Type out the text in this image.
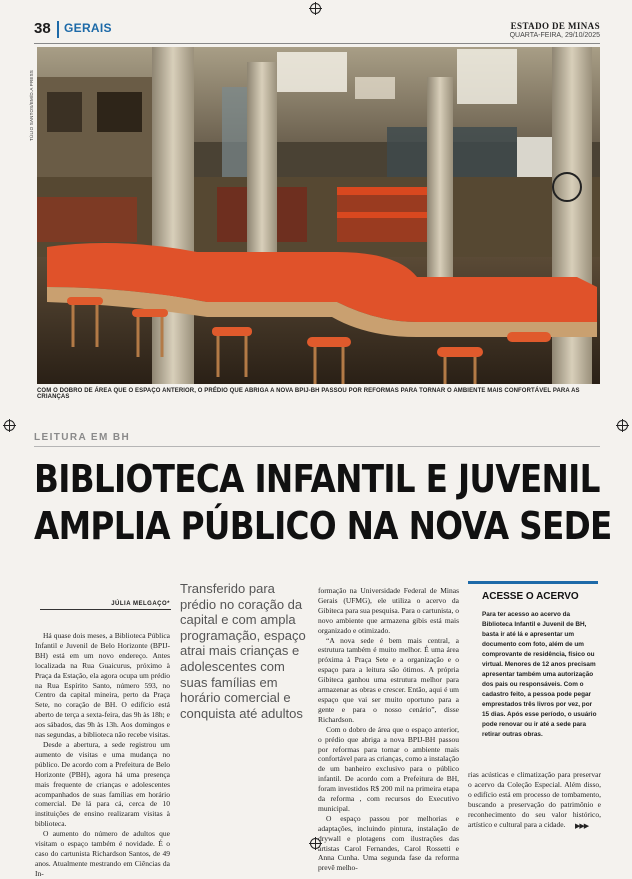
38 GERAIS	ESTADO DE MINAS
QUARTA-FEIRA, 29/10/2025
TÚLIO SANTOS/EM/D.A PRESS
COM O DOBRO DE ÁREA QUE O ESPAÇO ANTERIOR, O PRÉDIO QUE ABRIGA A NOVA BPIJ-BH PASSOU POR REFORMAS PARA TORNAR O AMBIENTE MAIS CONFORTÁVEL PARA AS CRIANÇAS
LEITURA EM BH
BIBLIOTECA INFANTIL E JUVENIL
AMPLIA PÚBLICO NA NOVA SEDE
JÚLIA MELGAÇO*

Há quase dois meses, a Biblioteca Pública Infantil e Juvenil de Belo Horizonte (BPIJ-BH) está em um novo endereço. Antes localizada na Rua Guaicurus, próximo à Praça da Estação, ela agora ocupa um prédio na Rua Espírito Santo, número 593, no Centro da capital mineira, perto da Praça Sete, no coração de BH. O edifício está aberto de terça a sexta-feira, das 9h às 18h; e aos sábados, das 9h às 13h. Aos domingos e nas segundas, a biblioteca não recebe visitas.

Desde a abertura, a sede registrou um aumento de visitas e uma mudança no público. De acordo com a Prefeitura de Belo Horizonte (PBH), agora há uma presença mais frequente de crianças e adolescentes acompanhados de suas famílias em horário comercial. De lá para cá, cerca de 10 instituições de ensino realizaram visitas à biblioteca.

O aumento do número de adultos que visitam o espaço também é novidade. É o caso do cartunista Richardson Santos, de 49 anos. Atualmente mestrando em Ciências da In-

Transferido para prédio no coração da capital e com ampla programação, espaço atrai mais crianças e adolescentes com suas famílias em horário comercial e conquista até adultos

formação na Universidade Federal de Minas Gerais (UFMG), ele utiliza o acervo da Gibiteca para sua pesquisa. Para o cartunista, o novo ambiente que armazena gibis está mais organizado e otimizado.

“A nova sede é bem mais central, a estrutura também é muito melhor. É uma área próxima à Praça Sete e a organização e o espaço para a leitura são ótimos. A própria Gibiteca ganhou uma estrutura melhor para armazenar as obras e crescer. Então, aqui é um espaço que vai ser muito oportuno para a gente e para o nosso cenário”, disse Richardson.

Com o dobro de área que o espaço anterior, o prédio que abriga a nova BPIJ-BH passou por reformas para tornar o ambiente mais confortável para as crianças, como a instalação de um banheiro exclusivo para o público infantil. De acordo com a Prefeitura de BH, foram investidos R$ 200 mil na primeira etapa da reforma , com recursos do Executivo municipal.

O espaço passou por melhorias e adaptações, incluindo pintura, instalação de drywall e plotagens com ilustrações das artistas Carol Fernandes, Carol Rossetti e Anna Cunha. Uma segunda fase da reforma prevê melho-

ACESSE O ACERVO
Para ter acesso ao acervo da Biblioteca Infantil e Juvenil de BH, basta ir até lá e apresentar um documento com foto, além de um comprovante de residência, físico ou virtual. Menores de 12 anos precisam apresentar também uma autorização dos pais ou responsáveis. Com o cadastro feito, a pessoa pode pegar emprestados três livros por vez, por 15 dias. Após esse período, o usuário pode renovar ou ir até a sede para retirar outras obras.

rias acústicas e climatização para preservar o acervo da Coleção Especial. Além disso, o edifício está em processo de tombamento, buscando a preservação do patrimônio e reconhecimento do seu valor histórico, artístico e cultural para a cidade.	▶▶▶
